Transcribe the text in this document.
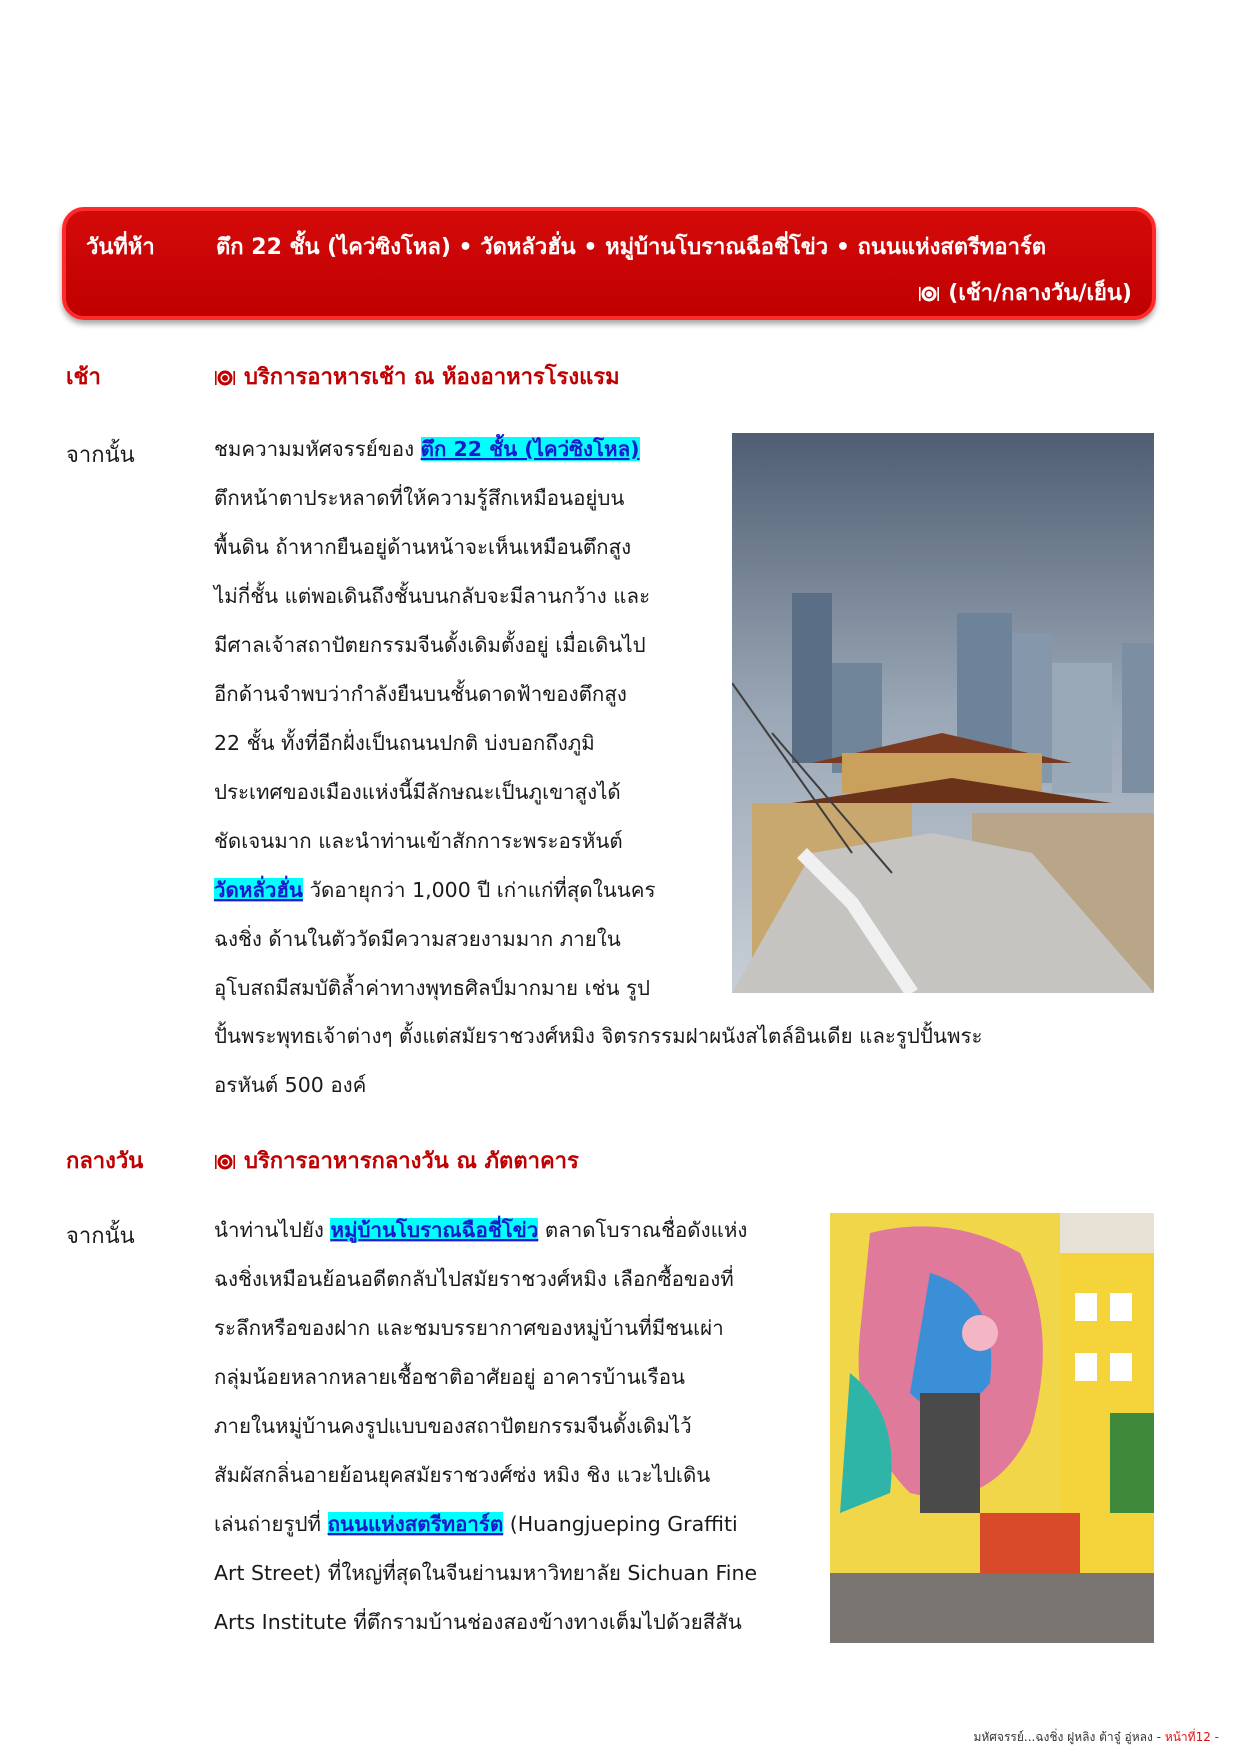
วันที่ห้า	ตึก 22 ชั้น (ไคว่ซิงโหล) • วัดหลัวฮั่น • หมู่บ้านโบราณฉือชี่โข่ว • ถนนแห่งสตรีทอาร์ต
(เช้า/กลางวัน/เย็น)
เช้า	บริการอาหารเช้า ณ ห้องอาหารโรงแรม
จากนั้น	ชมความมหัศจรรย์ของ ตึก 22 ชั้น (ไคว่ซิงโหล)
ตึกหน้าตาประหลาดที่ให้ความรู้สึกเหมือนอยู่บน
พื้นดิน ถ้าหากยืนอยู่ด้านหน้าจะเห็นเหมือนตึกสูง
ไม่กี่ชั้น แต่พอเดินถึงชั้นบนกลับจะมีลานกว้าง และ
มีศาลเจ้าสถาปัตยกรรมจีนดั้งเดิมตั้งอยู่ เมื่อเดินไป
อีกด้านจำพบว่ากำลังยืนบนชั้นดาดฟ้าของตึกสูง
22 ชั้น ทั้งที่อีกฝั่งเป็นถนนปกติ บ่งบอกถึงภูมิ
ประเทศของเมืองแห่งนี้มีลักษณะเป็นภูเขาสูงได้
ชัดเจนมาก และนำท่านเข้าสักการะพระอรหันต์
วัดหลั่วฮั่น วัดอายุกว่า 1,000 ปี เก่าแก่ที่สุดในนคร
ฉงชิ่ง ด้านในตัววัดมีความสวยงามมาก ภายใน
อุโบสถมีสมบัติล้ำค่าทางพุทธศิลป์มากมาย เช่น รูป
ปั้นพระพุทธเจ้าต่างๆ ตั้งแต่สมัยราชวงศ์หมิง จิตรกรรมฝาผนังสไตล์อินเดีย และรูปปั้นพระ
อรหันต์ 500 องค์
กลางวัน	บริการอาหารกลางวัน ณ ภัตตาคาร
จากนั้น	นำท่านไปยัง หมู่บ้านโบราณฉือชี่โข่ว ตลาดโบราณชื่อดังแห่ง
ฉงชิ่งเหมือนย้อนอดีตกลับไปสมัยราชวงศ์หมิง เลือกซื้อของที่
ระลึกหรือของฝาก และชมบรรยากาศของหมู่บ้านที่มีชนเผ่า
กลุ่มน้อยหลากหลายเชื้อชาติอาศัยอยู่ อาคารบ้านเรือน
ภายในหมู่บ้านคงรูปแบบของสถาปัตยกรรมจีนดั้งเดิมไว้
สัมผัสกลิ่นอายย้อนยุคสมัยราชวงศ์ซ่ง หมิง ชิง แวะไปเดิน
เล่นถ่ายรูปที่ ถนนแห่งสตรีทอาร์ต (Huangjueping Graffiti
Art Street) ที่ใหญ่ที่สุดในจีนย่านมหาวิทยาลัย Sichuan Fine
Arts Institute ที่ตึกรามบ้านช่องสองข้างทางเต็มไปด้วยสีสัน
มหัศจรรย์...ฉงชิ่ง ฝูหลิง ต้าจู๋ อู่หลง - หน้าที่12 -
